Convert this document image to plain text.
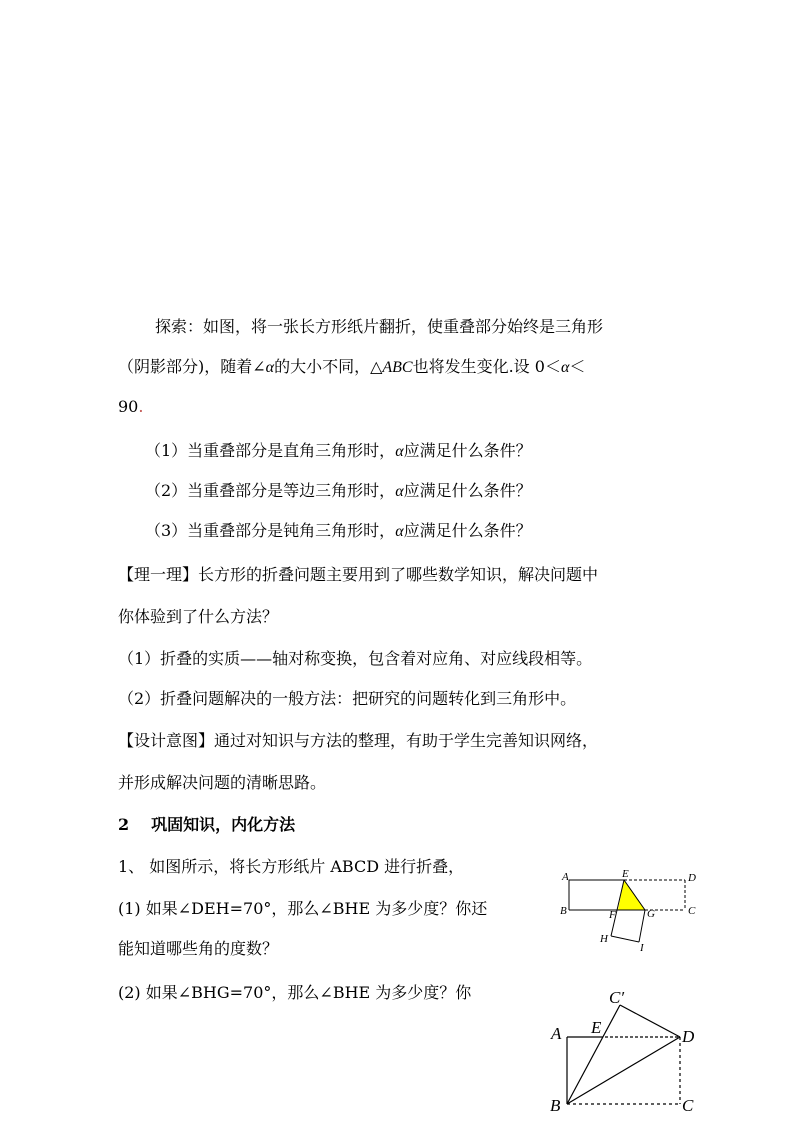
探索：如图，将一张长方形纸片翻折，使重叠部分始终是三角形
（阴影部分)，随着∠α的大小不同，△ABC也将发生变化.设 0＜α＜
90.
（1）当重叠部分是直角三角形时，α应满足什么条件？
（2）当重叠部分是等边三角形时，α应满足什么条件？
（3）当重叠部分是钝角三角形时，α应满足什么条件？
【理一理】长方形的折叠问题主要用到了哪些数学知识，解决问题中
你体验到了什么方法？
（1）折叠的实质——轴对称变换，包含着对应角、对应线段相等。
（2）折叠问题解决的一般方法：把研究的问题转化到三角形中。
【设计意图】通过对知识与方法的整理，有助于学生完善知识网络，
并形成解决问题的清晰思路。
2 巩固知识，内化方法
1、 如图所示，将长方形纸片 ABCD 进行折叠，
(1) 如果∠DEH=70°，那么∠BHE 为多少度？你还
能知道哪些角的度数？
(2) 如果∠BHG=70°，那么∠BHE 为多少度？你
A	E	D
B	F	G	C
H
I
C′
A E	D
B	C
